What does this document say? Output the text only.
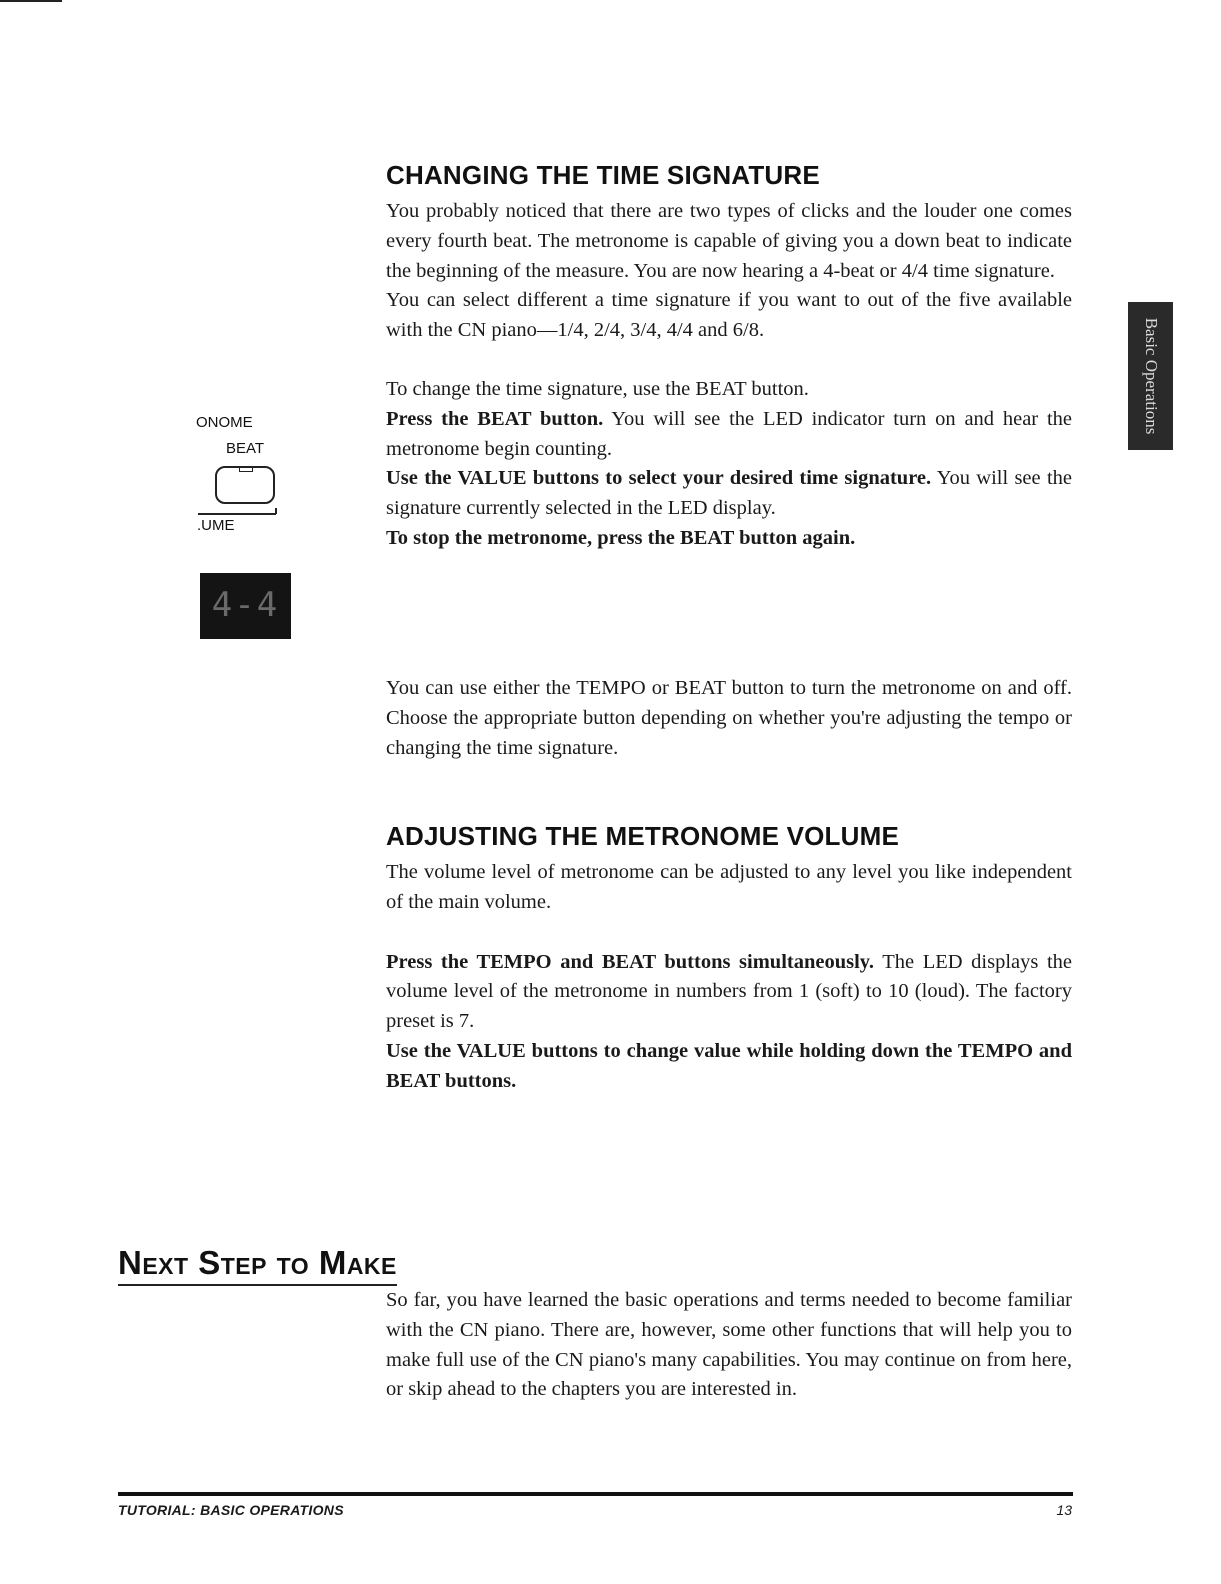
CHANGING THE TIME SIGNATURE

You probably noticed that there are two types of clicks and the louder one comes every fourth beat. The metronome is capable of giving you a down beat to indicate the beginning of the measure. You are now hearing a 4-beat or 4/4 time signature.

You can select different a time signature if you want to out of the five available with the CN piano—1/4, 2/4, 3/4, 4/4 and 6/8.

To change the time signature, use the BEAT button.

Press the BEAT button. You will see the LED indicator turn on and hear the metronome begin counting.

Use the VALUE buttons to select your desired time signature. You will see the signature currently selected in the LED display.

To stop the metronome, press the BEAT button again.

You can use either the TEMPO or BEAT button to turn the metronome on and off. Choose the appropriate button depending on whether you're adjusting the tempo or changing the time signature.

ADJUSTING THE METRONOME VOLUME

The volume level of metronome can be adjusted to any level you like independent of the main volume.

Press the TEMPO and BEAT buttons simultaneously. The LED displays the volume level of the metronome in numbers from 1 (soft) to 10 (loud). The factory preset is 7.

Use the VALUE buttons to change value while holding down the TEMPO and BEAT buttons.

Next Step to Make

So far, you have learned the basic operations and terms needed to become familiar with the CN piano. There are, however, some other functions that will help you to make full use of the CN piano's many capabilities. You may continue on from here, or skip ahead to the chapters you are interested in.

Basic Operations
ONOME
BEAT
.UME
4-4
TUTORIAL: BASIC OPERATIONS	13
